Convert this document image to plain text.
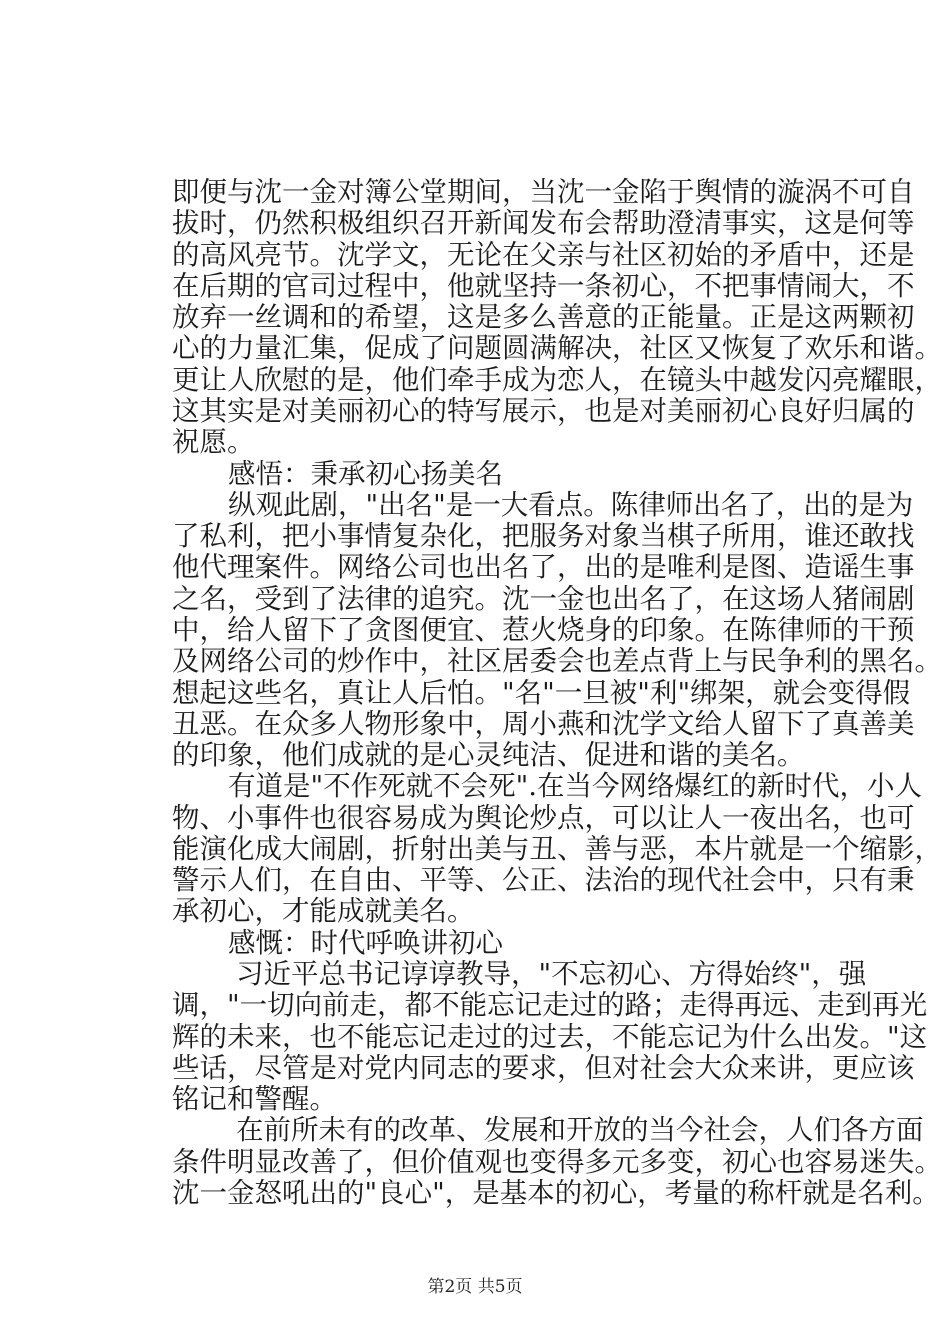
即便与沈一金对簿公堂期间，当沈一金陷于舆情的漩涡不可自
拔时，仍然积极组织召开新闻发布会帮助澄清事实，这是何等
的高风亮节。沈学文，无论在父亲与社区初始的矛盾中，还是
在后期的官司过程中，他就坚持一条初心，不把事情闹大，不
放弃一丝调和的希望，这是多么善意的正能量。正是这两颗初
心的力量汇集，促成了问题圆满解决，社区又恢复了欢乐和谐。
更让人欣慰的是，他们牵手成为恋人，在镜头中越发闪亮耀眼，
这其实是对美丽初心的特写展示，也是对美丽初心良好归属的
祝愿。
感悟：秉承初心扬美名
纵观此剧，"出名"是一大看点。陈律师出名了，出的是为
了私利，把小事情复杂化，把服务对象当棋子所用，谁还敢找
他代理案件。网络公司也出名了，出的是唯利是图、造谣生事
之名，受到了法律的追究。沈一金也出名了，在这场人猪闹剧
中，给人留下了贪图便宜、惹火烧身的印象。在陈律师的干预
及网络公司的炒作中，社区居委会也差点背上与民争利的黑名。
想起这些名，真让人后怕。"名"一旦被"利"绑架，就会变得假
丑恶。在众多人物形象中，周小燕和沈学文给人留下了真善美
的印象，他们成就的是心灵纯洁、促进和谐的美名。
有道是"不作死就不会死".在当今网络爆红的新时代，小人
物、小事件也很容易成为舆论炒点，可以让人一夜出名，也可
能演化成大闹剧，折射出美与丑、善与恶，本片就是一个缩影，
警示人们，在自由、平等、公正、法治的现代社会中，只有秉
承初心，才能成就美名。
感慨：时代呼唤讲初心
习近平总书记谆谆教导，"不忘初心、方得始终"，强
调，"一切向前走，都不能忘记走过的路；走得再远、走到再光
辉的未来，也不能忘记走过的过去，不能忘记为什么出发。"这
些话，尽管是对党内同志的要求，但对社会大众来讲，更应该
铭记和警醒。
在前所未有的改革、发展和开放的当今社会，人们各方面
条件明显改善了，但价值观也变得多元多变，初心也容易迷失。
沈一金怒吼出的"良心"，是基本的初心，考量的称杆就是名利。
第2页 共5页
